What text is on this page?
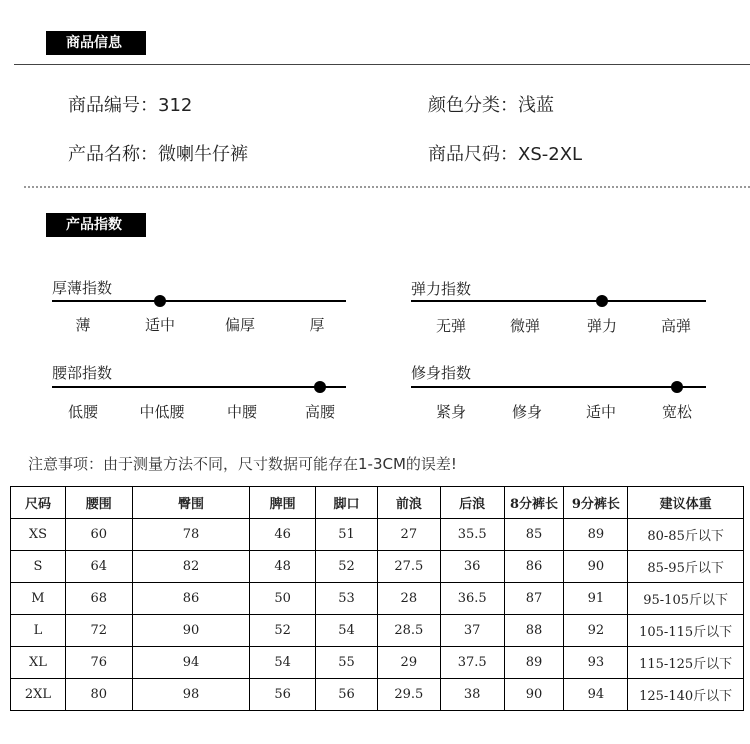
商品信息
商品编号：312	颜色分类：浅蓝
产品名称：微喇牛仔裤	商品尺码：XS-2XL
产品指数
厚薄指数
薄	适中	偏厚	厚
弹力指数
无弹	微弹	弹力	高弹
腰部指数
低腰	中低腰	中腰	高腰
修身指数
紧身	修身	适中	宽松
注意事项：由于测量方法不同，尺寸数据可能存在1-3CM的误差!
尺码	腰围	臀围	脾围	脚口	前浪	后浪	8分裤长	9分裤长	建议体重
XS	60	78	46	51	27	35.5	85	89	80-85斤以下
S	64	82	48	52	27.5	36	86	90	85-95斤以下
M	68	86	50	53	28	36.5	87	91	95-105斤以下
L	72	90	52	54	28.5	37	88	92	105-115斤以下
XL	76	94	54	55	29	37.5	89	93	115-125斤以下
2XL	80	98	56	56	29.5	38	90	94	125-140斤以下
